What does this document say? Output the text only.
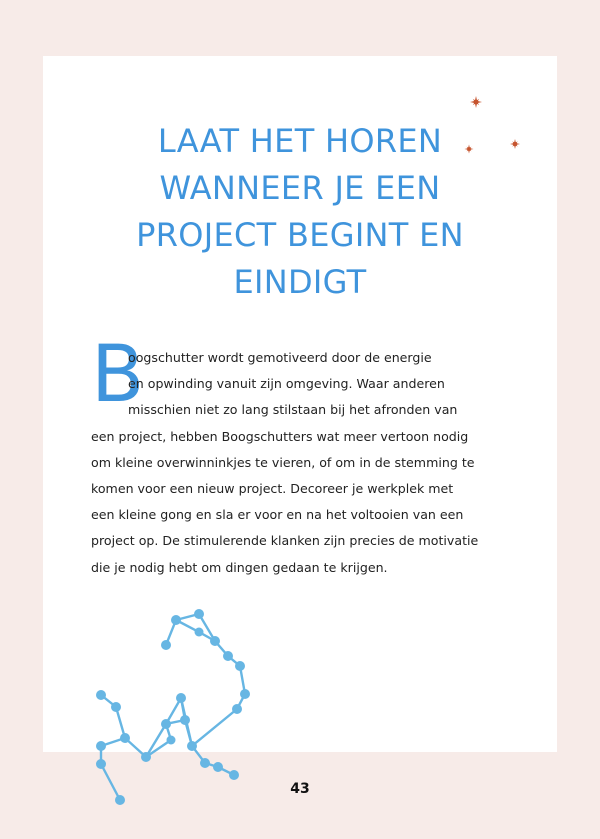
LAAT HET HOREN
WANNEER JE EEN
PROJECT BEGINT EN
EINDIGT
B
oogschutter wordt gemotiveerd door de energie
en opwinding vanuit zijn omgeving. Waar anderen
misschien niet zo lang stilstaan bij het afronden van
een project, hebben Boogschutters wat meer vertoon nodig
om kleine overwinninkjes te vieren, of om in de stemming te
komen voor een nieuw project. Decoreer je werkplek met
een kleine gong en sla er voor en na het voltooien van een
project op. De stimulerende klanken zijn precies de motivatie
die je nodig hebt om dingen gedaan te krijgen.
43
